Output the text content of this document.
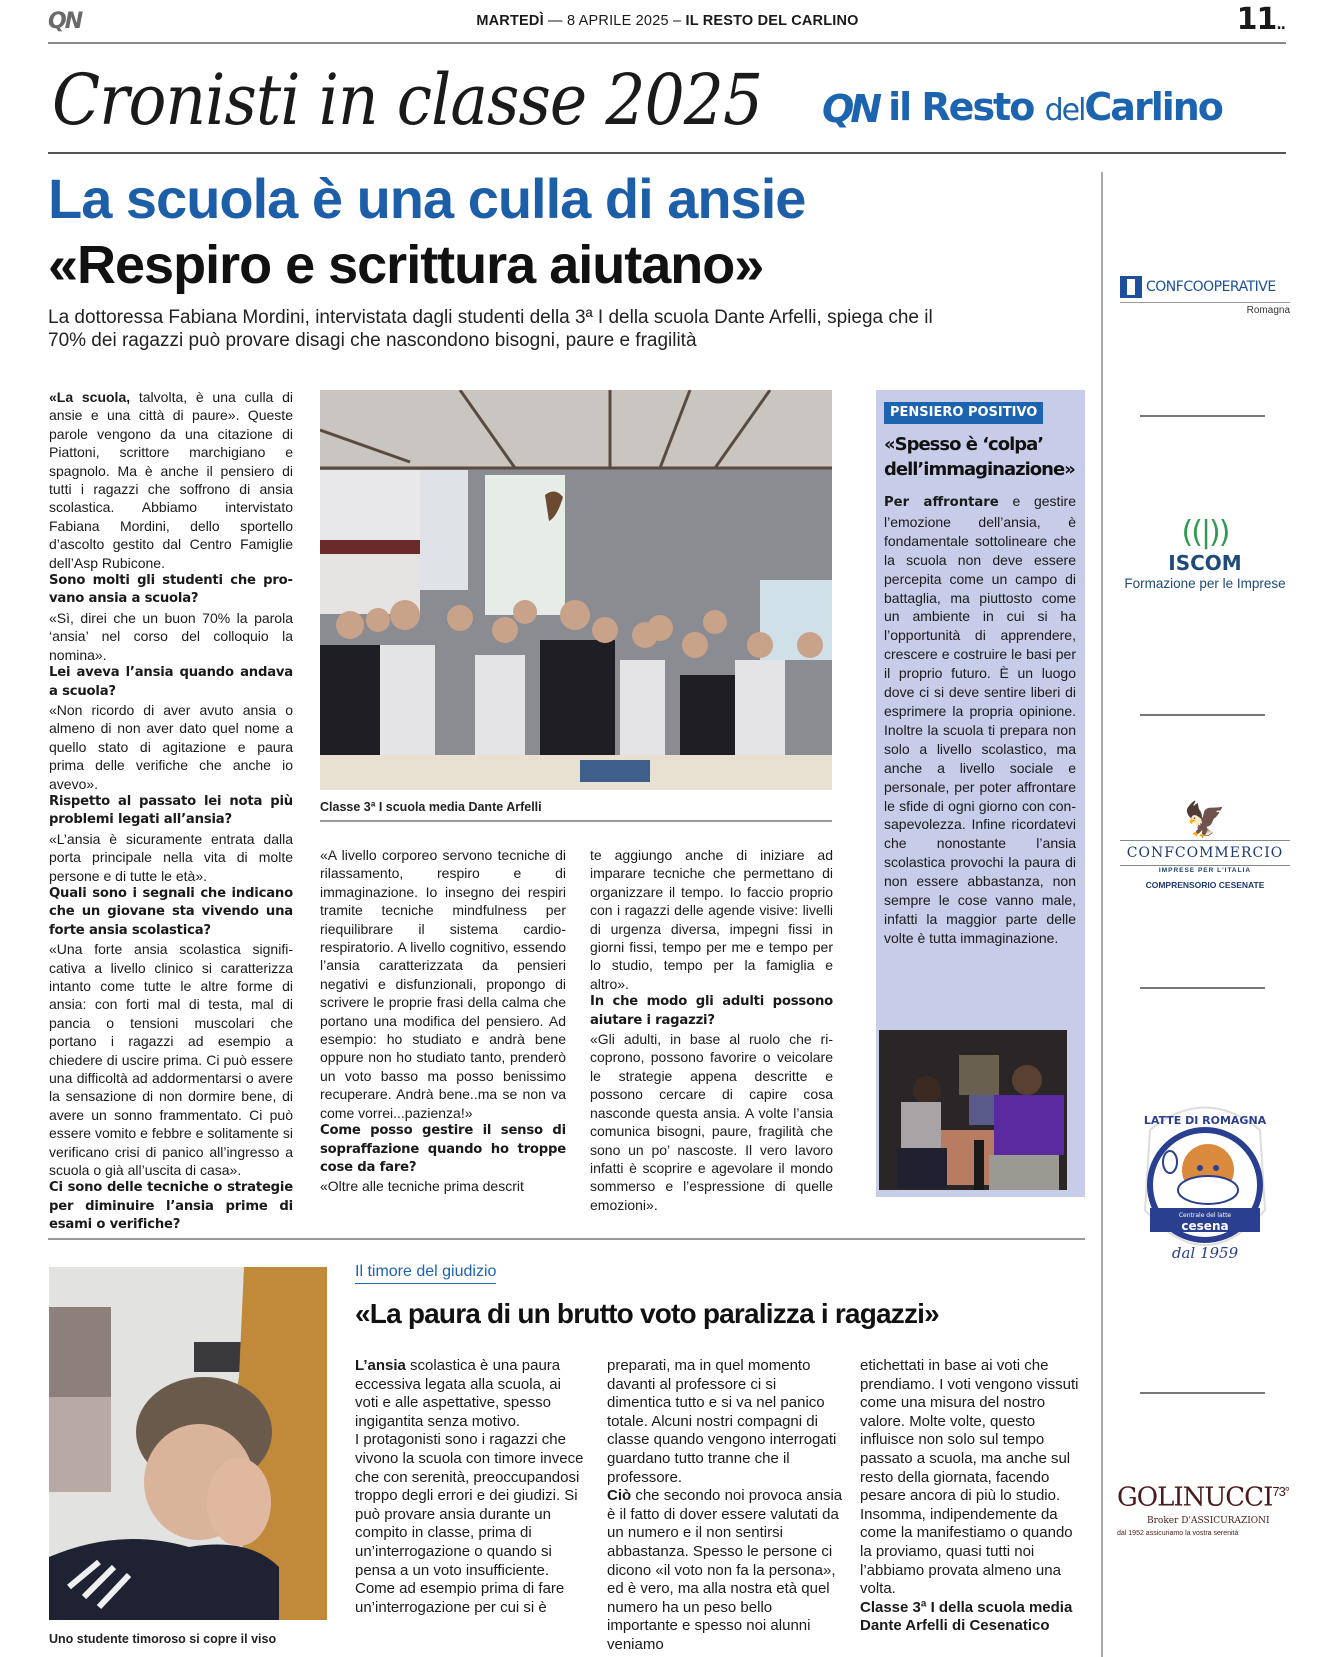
QN	MARTEDÌ — 8 APRILE 2025 – IL RESTO DEL CARLINO	11..
Cronisti in classe 2025 QN il Resto delCarlino
La scuola è una culla di ansie
«Respiro e scrittura aiutano»
La dottoressa Fabiana Mordini, intervistata dagli studenti della 3ª I della scuola Dante Arfelli, spiega che il 70% dei ragazzi può provare disagi che nascondono bisogni, paure e fragilità

«La scuola, talvolta, è una culla di ansie e una città di paure». Queste parole vengono da una citazione di Piattoni, scrittore marchigiano e spagnolo. Ma è anche il pensiero di tutti i ragazzi che soffrono di ansia scolastica. Abbiamo intervistato Fabiana Mordini, dello sportello d’ascolto gestito dal Centro Famiglie dell’Asp Rubicone.

Sono molti gli studenti che provano ansia a scuola?

«Sì, direi che un buon 70% la parola ‘ansia’ nel corso del colloquio la nomina».

Lei aveva l’ansia quando andava a scuola?

«Non ricordo di aver avuto ansia o almeno di non aver dato quel nome a quello stato di agitazione e paura prima delle verifiche che anche io avevo».

Rispetto al passato lei nota più problemi legati all’ansia?

«L’ansia è sicuramente entrata dalla porta principale nella vita di molte persone e di tutte le età».

Quali sono i segnali che indicano che un giovane sta vivendo una forte ansia scolastica?

«Una forte ansia scolastica significativa a livello clinico si caratterizza intanto come tutte le altre forme di ansia: con forti mal di testa, mal di pancia o tensioni muscolari che portano i ragazzi ad esempio a chiedere di uscire prima. Ci può essere una difficoltà ad addormentarsi o avere la sensazione di non dormire bene, di avere un sonno frammentato. Ci può essere vomito e febbre e solitamente si verificano crisi di panico all’ingresso a scuola o già all’uscita di casa».

Ci sono delle tecniche o strategie per diminuire l’ansia prime di esami o verifiche?

Classe 3ª I scuola media Dante Arfelli

«A livello corporeo servono tecniche di rilassamento, respiro e di immaginazione. Io insegno dei respiri tramite tecniche mindfulness per riequilibrare il sistema cardiorespiratorio. A livello cognitivo, essendo l’ansia caratterizzata da pensieri negativi e disfunzionali, propongo di scrivere le proprie frasi della calma che portano una modifica del pensiero. Ad esempio: ho studiato e andrà bene oppure non ho studiato tanto, prenderò un voto basso ma posso benissimo recuperare. Andrà bene..ma se non va come vorrei...pazienza!»

Come posso gestire il senso di sopraffazione quando ho troppe cose da fare?

«Oltre alle tecniche prima descrit

te aggiungo anche di iniziare ad imparare tecniche che permettano di organizzare il tempo. Io faccio proprio con i ragazzi delle agende visive: livelli di urgenza diversa, impegni fissi in giorni fissi, tempo per me e tempo per lo studio, tempo per la famiglia e altro».

In che modo gli adulti possono aiutare i ragazzi?

«Gli adulti, in base al ruolo che ricoprono, possono favorire o veicolare le strategie appena descritte e possono cercare di capire cosa nasconde questa ansia. A volte l’ansia comunica bisogni, paure, fragilità che sono un po’ nascoste. Il vero lavoro infatti è scoprire e agevolare il mondo sommerso e l’espressione di quelle emozioni».

PENSIERO POSITIVO
«Spesso è ‘colpa’ dell’immaginazione»
Per affrontare e gestire l’emozione dell’ansia, è fondamentale sottolineare che la scuola non deve essere percepita come un campo di battaglia, ma piuttosto come un ambiente in cui si ha l’opportunità di apprendere, crescere e costruire le basi per il proprio futuro. È un luogo dove ci si deve sentire liberi di esprimere la propria opinione. Inoltre la scuola ti prepara non solo a livello scolastico, ma anche a livello sociale e personale, per poter affrontare le sfide di ogni giorno con consapevolezza. Infine ricordatevi che nonostante l’ansia scolastica provochi la paura di non essere abbastanza, non sempre le cose vanno male, infatti la maggior parte delle volte è tutta immaginazione.
Uno studente timoroso si copre il viso
Il timore del giudizio
«La paura di un brutto voto paralizza i ragazzi»
L’ansia scolastica è una paura eccessiva legata alla scuola, ai voti e alle aspettative, spesso ingigantita senza motivo.
I protagonisti sono i ragazzi che vivono la scuola con timore invece che con serenità, preoccupandosi troppo degli errori e dei giudizi. Si può provare ansia durante un compito in classe, prima di un’interrogazione o quando si pensa a un voto insufficiente. Come ad esempio prima di fare un’interrogazione per cui si è
preparati, ma in quel momento davanti al professore ci si dimentica tutto e si va nel panico totale. Alcuni nostri compagni di classe quando vengono interrogati guardano tutto tranne che il professore.
Ciò che secondo noi provoca ansia è il fatto di dover essere valutati da un numero e il non sentirsi abbastanza. Spesso le persone ci dicono «il voto non fa la persona», ed è vero, ma alla nostra età quel numero ha un peso bello importante e spesso noi alunni veniamo
etichettati in base ai voti che prendiamo. I voti vengono vissuti come una misura del nostro valore. Molte volte, questo influisce non solo sul tempo passato a scuola, ma anche sul resto della giornata, facendo pesare ancora di più lo studio. Insomma, indipendemente da come la manifestiamo o quando la proviamo, quasi tutti noi l’abbiamo provata almeno una volta.
Classe 3ª I della scuola media Dante Arfelli di Cesenatico
CONFCOOPERATIVE
Romagna
((|))
ISCOM
Formazione per le Imprese
🦅
CONFCOMMERCIO
IMPRESE PER L'ITALIA
COMPRENSORIO CESENATE
LATTE DI ROMAGNA
Centrale del latte
cesena
dal 1959
$GOLINUCCI^{73^\circ}$
Broker D'ASSICURAZIONI
dal 1952 assicuriamo la vostra serenità
